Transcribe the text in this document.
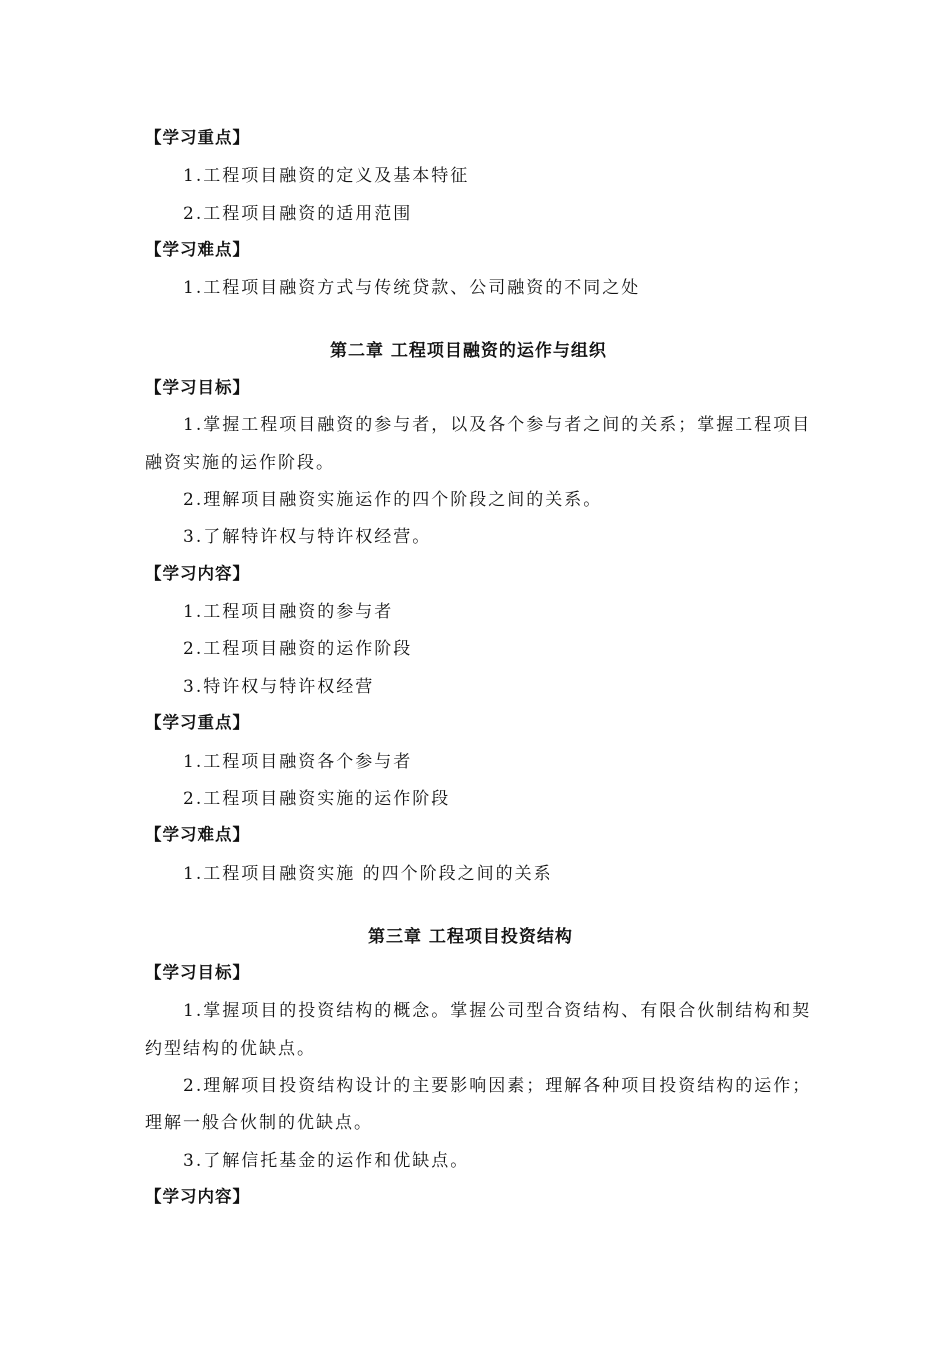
【学习重点】
1.工程项目融资的定义及基本特征
2.工程项目融资的适用范围
【学习难点】
1.工程项目融资方式与传统贷款、公司融资的不同之处
第二章 工程项目融资的运作与组织
【学习目标】
1.掌握工程项目融资的参与者，以及各个参与者之间的关系；掌握工程项目
融资实施的运作阶段。
2.理解项目融资实施运作的四个阶段之间的关系。
3.了解特许权与特许权经营。
【学习内容】
1.工程项目融资的参与者
2.工程项目融资的运作阶段
3.特许权与特许权经营
【学习重点】
1.工程项目融资各个参与者
2.工程项目融资实施的运作阶段
【学习难点】
1.工程项目融资实施 的四个阶段之间的关系
第三章 工程项目投资结构
【学习目标】
1.掌握项目的投资结构的概念。掌握公司型合资结构、有限合伙制结构和契
约型结构的优缺点。
2.理解项目投资结构设计的主要影响因素；理解各种项目投资结构的运作；
理解一般合伙制的优缺点。
3.了解信托基金的运作和优缺点。
【学习内容】
